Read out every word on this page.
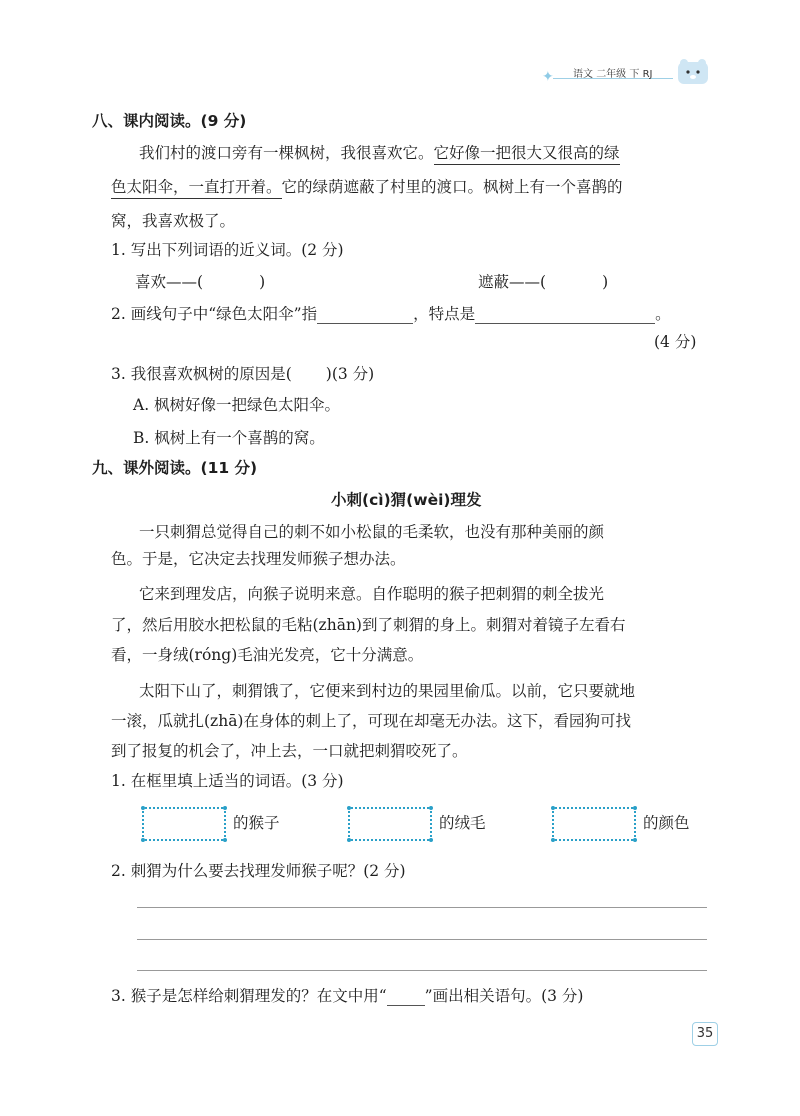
✦ 语文 二年级 下 RJ
八、课内阅读。(9 分)
我们村的渡口旁有一棵枫树，我很喜欢它。它好像一把很大又很高的绿
色太阳伞，一直打开着。它的绿荫遮蔽了村里的渡口。枫树上有一个喜鹊的
窝，我喜欢极了。
1. 写出下列词语的近义词。(2 分)
喜欢——(	)	遮蔽——(	)
2. 画线句子中“绿色太阳伞”指	，特点是	。
(4 分)
3. 我很喜欢枫树的原因是( )(3 分)
A. 枫树好像一把绿色太阳伞。
B. 枫树上有一个喜鹊的窝。
九、课外阅读。(11 分)
小刺(cì)猬(wèi)理发
一只刺猬总觉得自己的刺不如小松鼠的毛柔软，也没有那种美丽的颜
色。于是，它决定去找理发师猴子想办法。
它来到理发店，向猴子说明来意。自作聪明的猴子把刺猬的刺全拔光
了，然后用胶水把松鼠的毛粘(zhān)到了刺猬的身上。刺猬对着镜子左看右
看，一身绒(róng)毛油光发亮，它十分满意。
太阳下山了，刺猬饿了，它便来到村边的果园里偷瓜。以前，它只要就地
一滚，瓜就扎(zhā)在身体的刺上了，可现在却毫无办法。这下，看园狗可找
到了报复的机会了，冲上去，一口就把刺猬咬死了。
1. 在框里填上适当的词语。(3 分)
的猴子	的绒毛	的颜色
2. 刺猬为什么要去找理发师猴子呢？(2 分)
3. 猴子是怎样给刺猬理发的？在文中用“ ”画出相关语句。(3 分)
35
